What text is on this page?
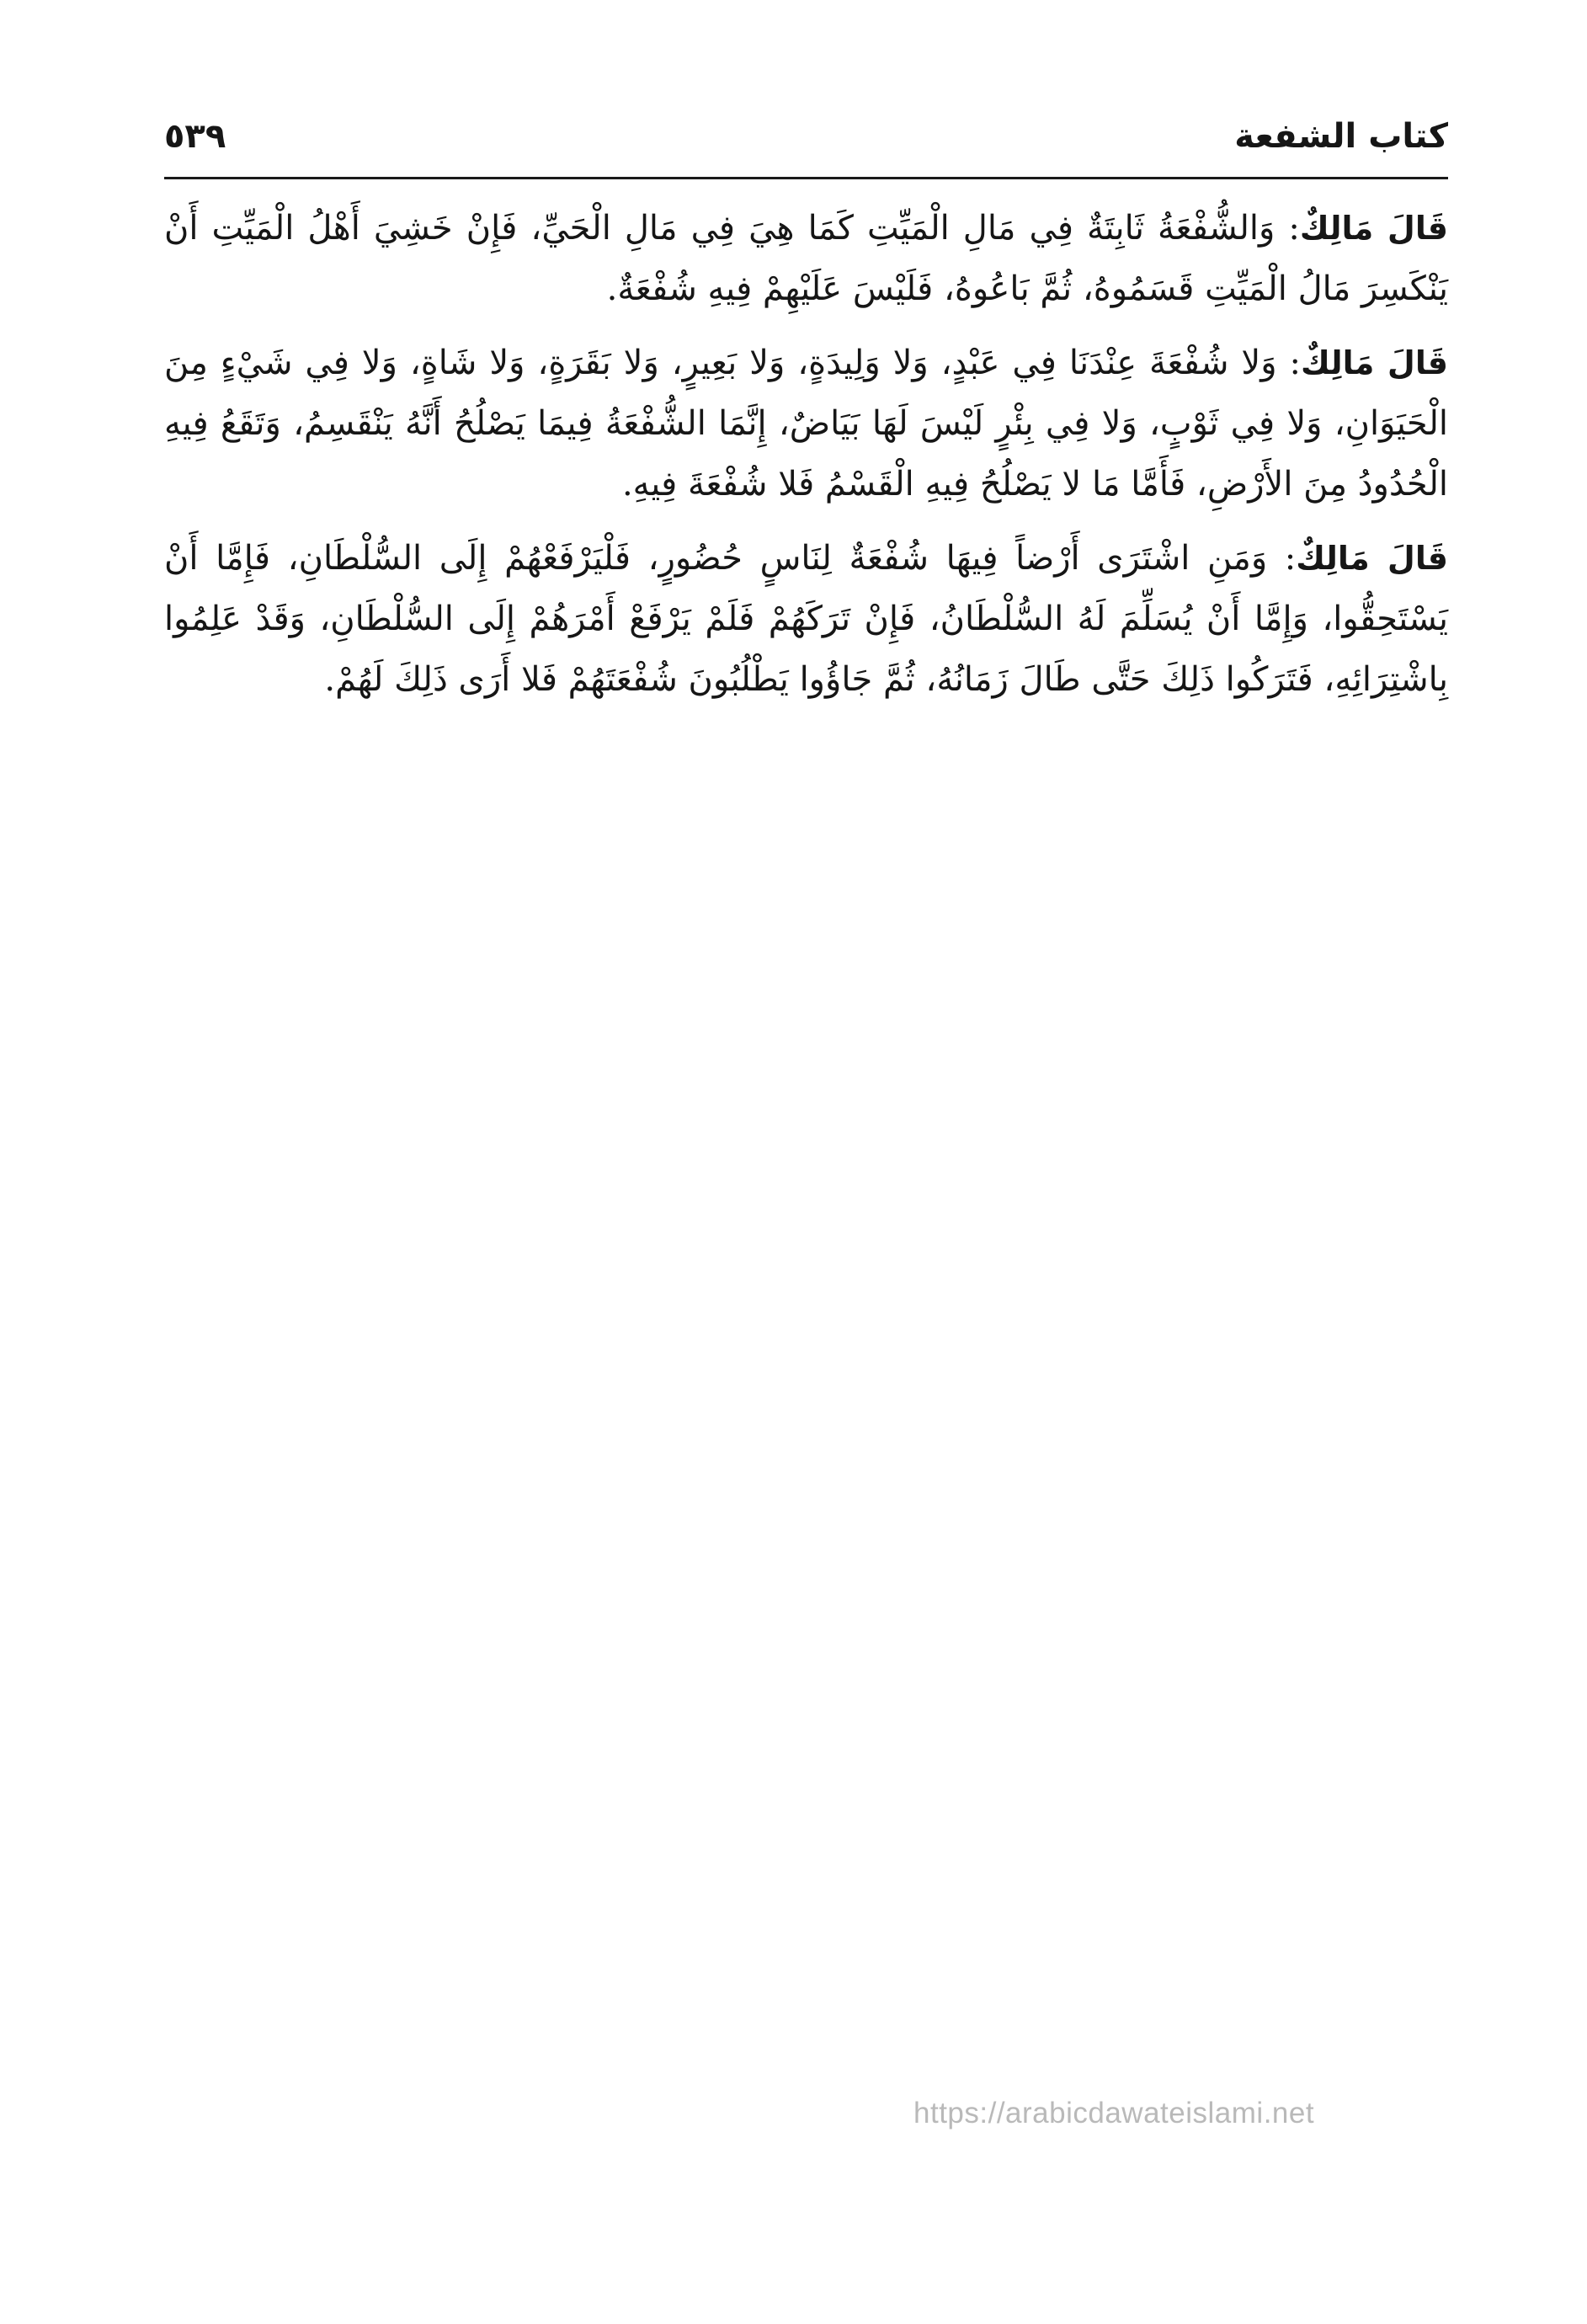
كتاب الشفعة
٥٣٩

قَالَ مَالِكٌ: وَالشُّفْعَةُ ثَابِتَةٌ فِي مَالِ الْمَيِّتِ كَمَا هِيَ فِي مَالِ الْحَيِّ، فَإِنْ خَشِيَ أَهْلُ الْمَيِّتِ أَنْ يَنْكَسِرَ مَالُ الْمَيِّتِ قَسَمُوهُ، ثُمَّ بَاعُوهُ، فَلَيْسَ عَلَيْهِمْ فِيهِ شُفْعَةٌ.

قَالَ مَالِكٌ: وَلا شُفْعَةَ عِنْدَنَا فِي عَبْدٍ، وَلا وَلِيدَةٍ، وَلا بَعِيرٍ، وَلا بَقَرَةٍ، وَلا شَاةٍ، وَلا فِي شَيْءٍ مِنَ الْحَيَوَانِ، وَلا فِي ثَوْبٍ، وَلا فِي بِئْرٍ لَيْسَ لَهَا بَيَاضٌ، إِنَّمَا الشُّفْعَةُ فِيمَا يَصْلُحُ أَنَّهُ يَنْقَسِمُ، وَتَقَعُ فِيهِ الْحُدُودُ مِنَ الأَرْضِ، فَأَمَّا مَا لا يَصْلُحُ فِيهِ الْقَسْمُ فَلا شُفْعَةَ فِيهِ.

قَالَ مَالِكٌ: وَمَنِ اشْتَرَى أَرْضاً فِيهَا شُفْعَةٌ لِنَاسٍ حُضُورٍ، فَلْيَرْفَعْهُمْ إِلَى السُّلْطَانِ، فَإِمَّا أَنْ يَسْتَحِقُّوا، وَإِمَّا أَنْ يُسَلِّمَ لَهُ السُّلْطَانُ، فَإِنْ تَرَكَهُمْ فَلَمْ يَرْفَعْ أَمْرَهُمْ إِلَى السُّلْطَانِ، وَقَدْ عَلِمُوا بِاشْتِرَائِهِ، فَتَرَكُوا ذَلِكَ حَتَّى طَالَ زَمَانُهُ، ثُمَّ جَاؤُوا يَطْلُبُونَ شُفْعَتَهُمْ فَلا أَرَى ذَلِكَ لَهُمْ.

https://arabicdawateislami.net
